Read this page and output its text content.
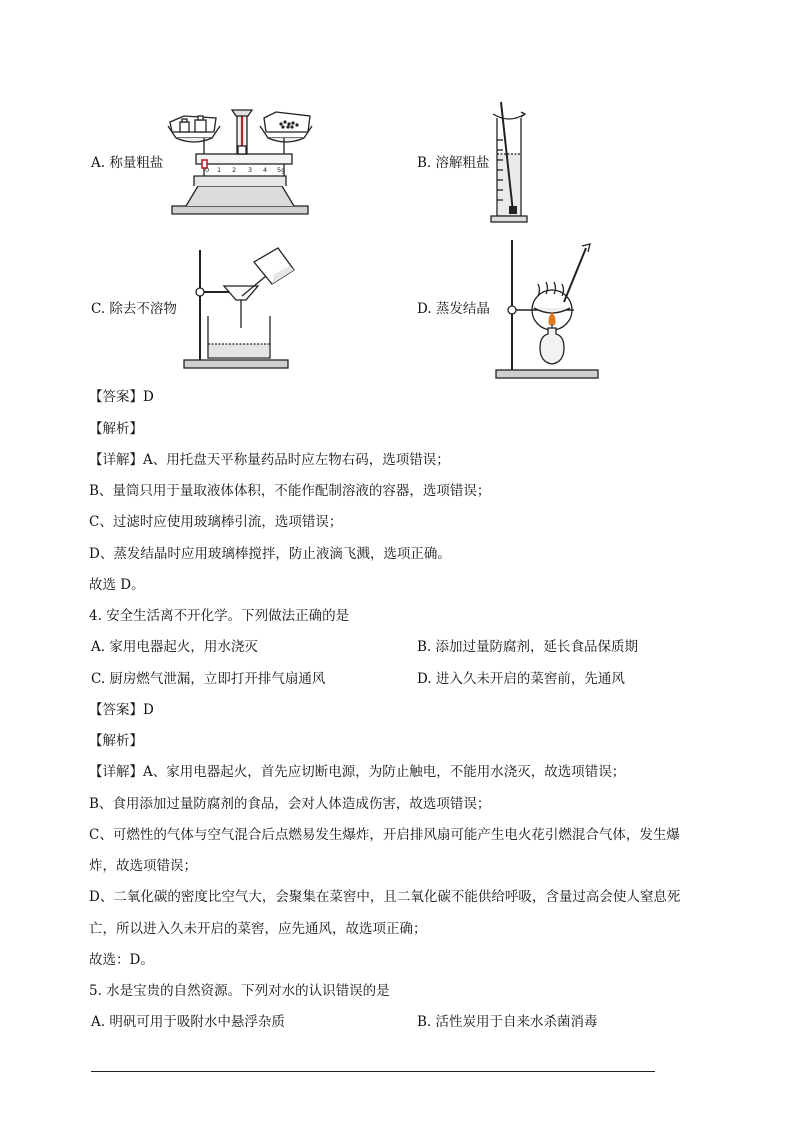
A. 称量粗盐	B. 溶解粗盐
C. 除去不溶物	D. 蒸发结晶
0 1 2 3 4 5g
【答案】D
【解析】
【详解】A、用托盘天平称量药品时应左物右码，选项错误；
B、量筒只用于量取液体体积，不能作配制溶液的容器，选项错误；
C、过滤时应使用玻璃棒引流，选项错误；
D、蒸发结晶时应用玻璃棒搅拌，防止液滴飞溅，选项正确。
故选 D。
4. 安全生活离不开化学。下列做法正确的是
A. 家用电器起火，用水浇灭	B. 添加过量防腐剂，延长食品保质期
C. 厨房燃气泄漏，立即打开排气扇通风	D. 进入久未开启的菜窖前，先通风
【答案】D
【解析】
【详解】A、家用电器起火，首先应切断电源，为防止触电，不能用水浇灭，故选项错误；
B、食用添加过量防腐剂的食品，会对人体造成伤害，故选项错误；
C、可燃性的气体与空气混合后点燃易发生爆炸，开启排风扇可能产生电火花引燃混合气体，发生爆
炸，故选项错误；
D、二氧化碳的密度比空气大，会聚集在菜窖中，且二氧化碳不能供给呼吸，含量过高会使人窒息死
亡，所以进入久未开启的菜窖，应先通风，故选项正确；
故选：D。
5. 水是宝贵的自然资源。下列对水的认识错误的是
A. 明矾可用于吸附水中悬浮杂质	B. 活性炭用于自来水杀菌消毒
